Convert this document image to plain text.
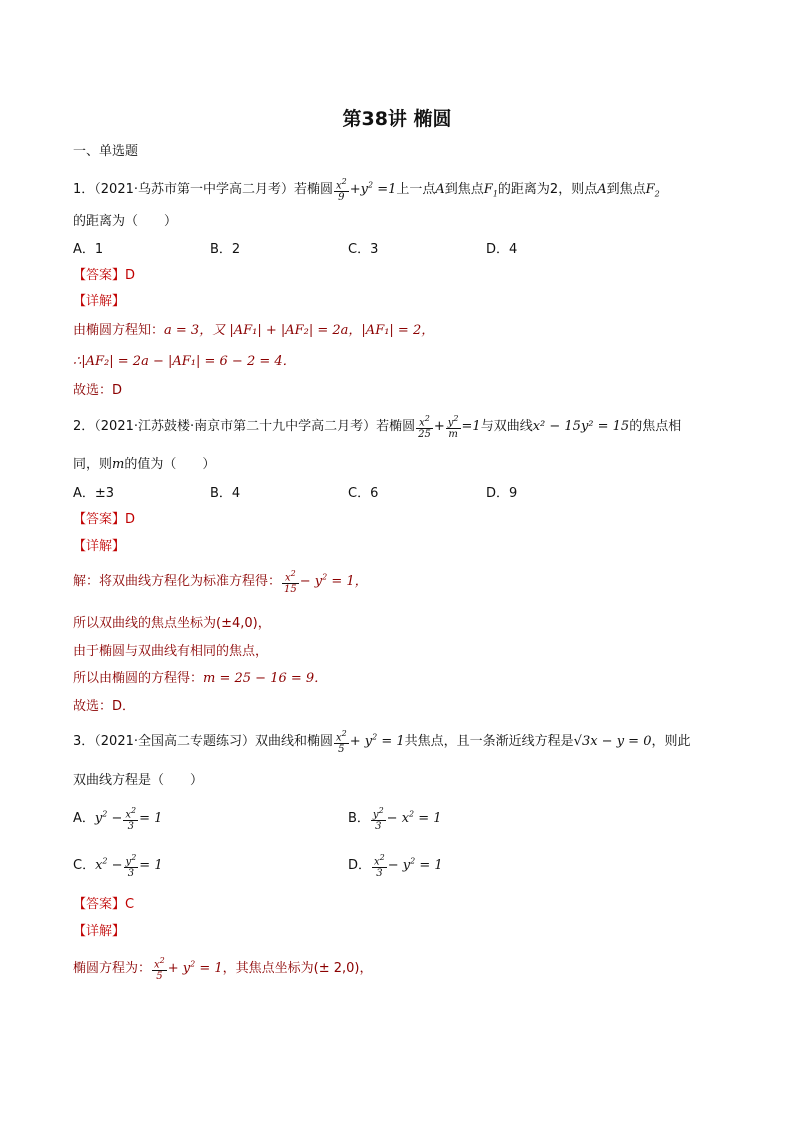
第38讲 椭圆
一、单选题
1．（2021·乌苏市第一中学高二月考）若椭圆 $\frac{x^2}{9} +y^2 =1$上一点A到焦点$F_1$的距离为2，则点A到焦点$F_2$
的距离为（　　）
A．1	B．2	C．3	D．4
【答案】D
【详解】
由椭圆方程知：a = 3，又 |AF₁| + |AF₂| = 2a，|AF₁| = 2，
∴|AF₂| = 2a − |AF₁| = 6 − 2 = 4．
故选：D
2．（2021·江苏鼓楼·南京市第二十九中学高二月考）若椭圆 $\frac{x^2}{25} + \frac{y^2}{m} =1$与双曲线x² − 15y² = 15的焦点相
同，则m的值为（　　）
A．±3	B．4	C．6	D．9
【答案】D
【详解】
解：将双曲线方程化为标准方程得： $\frac{x^2}{15} - y^2 = 1$，
所以双曲线的焦点坐标为(±4,0)，
由于椭圆与双曲线有相同的焦点，
所以由椭圆的方程得：m = 25 − 16 = 9．
故选：D．
3．（2021·全国高二专题练习）双曲线和椭圆 $\frac{x^2}{5} + y^2 = 1$共焦点，且一条渐近线方程是√3x − y = 0，则此
双曲线方程是（　　）
A．$y^2 - \frac{x^2}{3} = 1$	B． $\frac{y^2}{3} - x^2 = 1$
C．$x^2 - \frac{y^2}{3} = 1$	D． $\frac{x^2}{3} - y^2 = 1$
【答案】C
【详解】
椭圆方程为： $\frac{x^2}{5} + y^2 = 1$，其焦点坐标为(± 2,0)，
